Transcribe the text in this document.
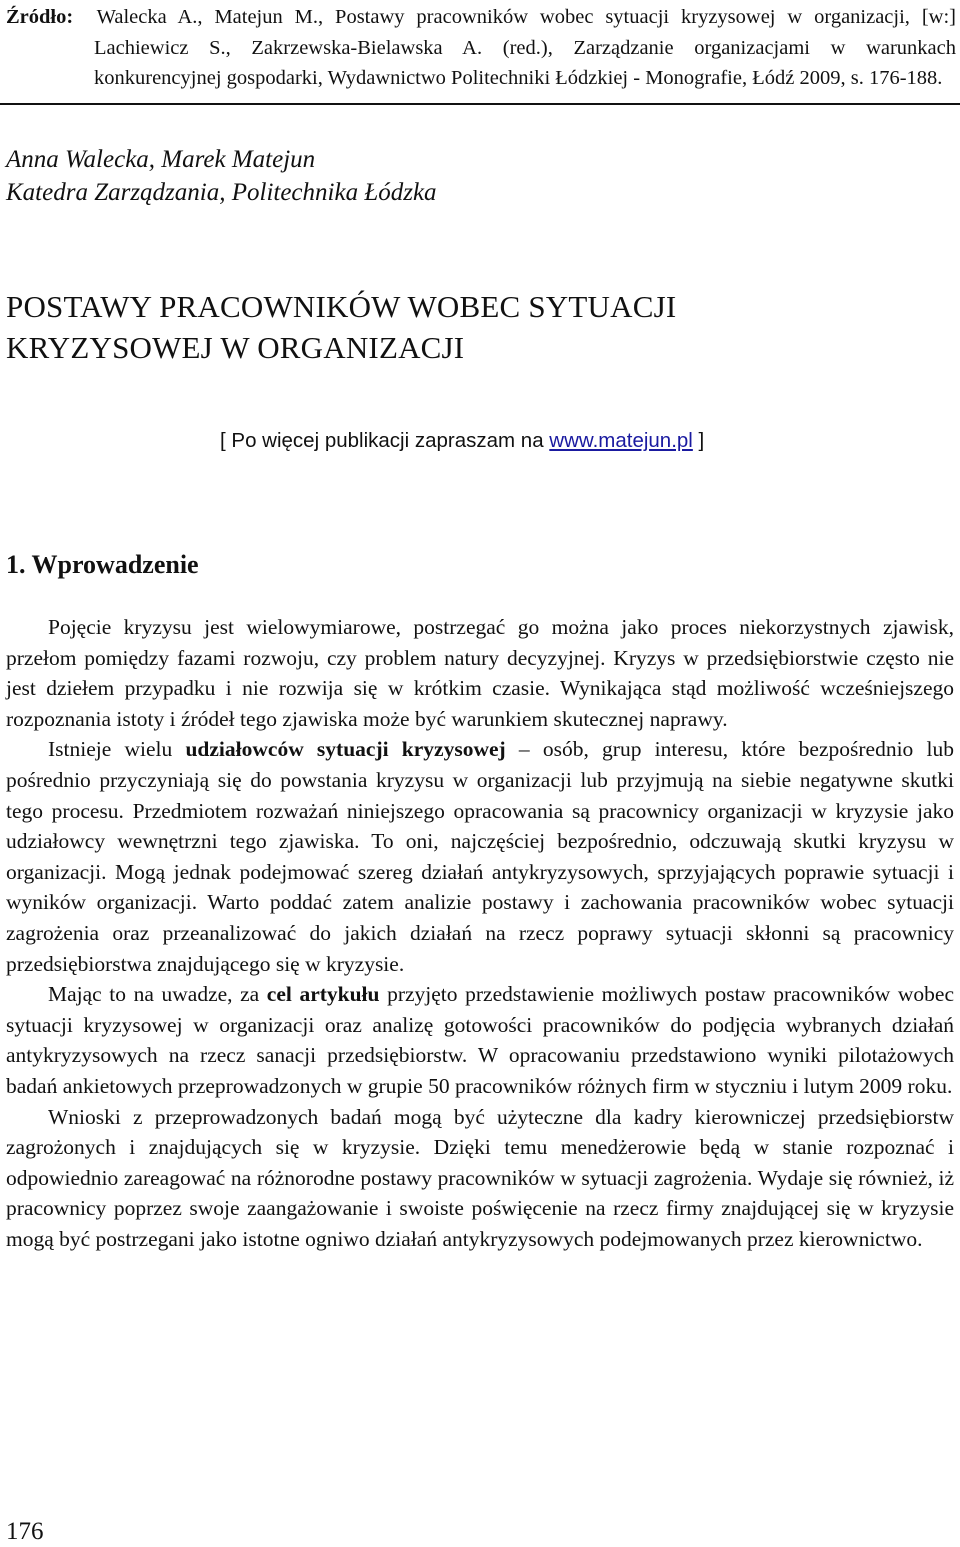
Źródło: Walecka A., Matejun M., Postawy pracowników wobec sytuacji kryzysowej w organizacji, [w:] Lachiewicz S., Zakrzewska-Bielawska A. (red.), Zarządzanie organizacjami w warunkach konkurencyjnej gospodarki, Wydawnictwo Politechniki Łódzkiej - Monografie, Łódź 2009, s. 176-188.
Anna Walecka, Marek Matejun
Katedra Zarządzania, Politechnika Łódzka
POSTAWY PRACOWNIKÓW WOBEC SYTUACJI
KRYZYSOWEJ W ORGANIZACJI
[ Po więcej publikacji zapraszam na www.matejun.pl ]
1. Wprowadzenie

Pojęcie kryzysu jest wielowymiarowe, postrzegać go można jako proces niekorzystnych zjawisk, przełom pomiędzy fazami rozwoju, czy problem natury decyzyjnej. Kryzys w przedsiębiorstwie często nie jest dziełem przypadku i nie rozwija się w krótkim czasie. Wynikająca stąd możliwość wcześniejszego rozpoznania istoty i źródeł tego zjawiska może być warunkiem skutecznej naprawy.

Istnieje wielu udziałowców sytuacji kryzysowej – osób, grup interesu, które bezpośrednio lub pośrednio przyczyniają się do powstania kryzysu w organizacji lub przyjmują na siebie negatywne skutki tego procesu. Przedmiotem rozważań niniejszego opracowania są pracownicy organizacji w kryzysie jako udziałowcy wewnętrzni tego zjawiska. To oni, najczęściej bezpośrednio, odczuwają skutki kryzysu w organizacji. Mogą jednak podejmować szereg działań antykryzysowych, sprzyjających poprawie sytuacji i wyników organizacji. Warto poddać zatem analizie postawy i zachowania pracowników wobec sytuacji zagrożenia oraz przeanalizować do jakich działań na rzecz poprawy sytuacji skłonni są pracownicy przedsiębiorstwa znajdującego się w kryzysie.

Mając to na uwadze, za cel artykułu przyjęto przedstawienie możliwych postaw pracowników wobec sytuacji kryzysowej w organizacji oraz analizę gotowości pracowników do podjęcia wybranych działań antykryzysowych na rzecz sanacji przedsiębiorstw. W opracowaniu przedstawiono wyniki pilotażowych badań ankietowych przeprowadzonych w grupie 50 pracowników różnych firm w styczniu i lutym 2009 roku.

Wnioski z przeprowadzonych badań mogą być użyteczne dla kadry kierowniczej przedsiębiorstw zagrożonych i znajdujących się w kryzysie. Dzięki temu menedżerowie będą w stanie rozpoznać i odpowiednio zareagować na różnorodne postawy pracowników w sytuacji zagrożenia. Wydaje się również, iż pracownicy poprzez swoje zaangażowanie i swoiste poświęcenie na rzecz firmy znajdującej się w kryzysie mogą być postrzegani jako istotne ogniwo działań antykryzysowych podejmowanych przez kierownictwo.

176
